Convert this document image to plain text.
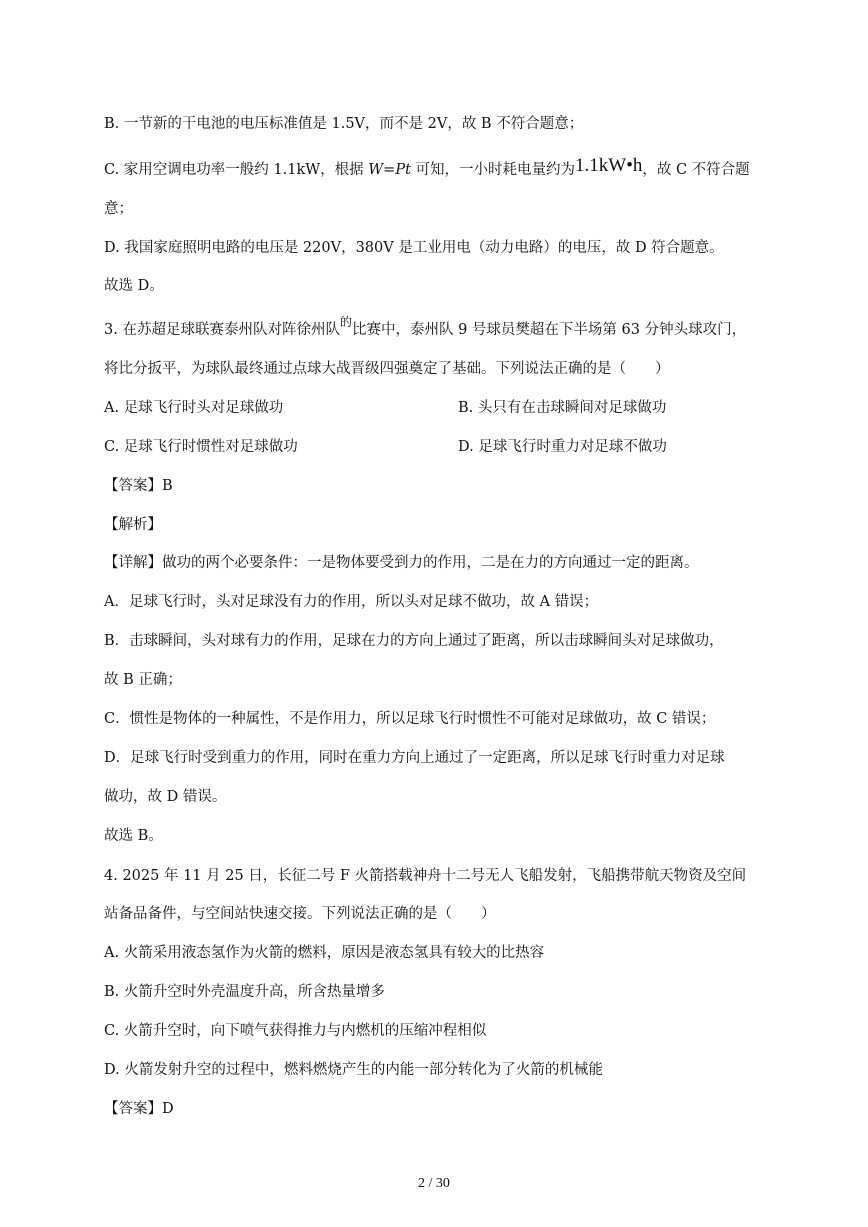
B. 一节新的干电池的电压标准值是 1.5V，而不是 2V，故 B 不符合题意；
C. 家用空调电功率一般约 1.1kW，根据 W=Pt 可知，一小时耗电量约为1.1kW•h，故 C 不符合题
意；
D. 我国家庭照明电路的电压是 220V，380V 是工业用电（动力电路）的电压，故 D 符合题意。
故选 D。
3. 在苏超足球联赛泰州队对阵徐州队$^的$比赛中，泰州队 9 号球员樊超在下半场第 63 分钟头球攻门，
将比分扳平，为球队最终通过点球大战晋级四强奠定了基础。下列说法正确的是（　　）
A. 足球飞行时头对足球做功	B. 头只有在击球瞬间对足球做功
C. 足球飞行时惯性对足球做功	D. 足球飞行时重力对足球不做功
【答案】B
【解析】
【详解】做功的两个必要条件：一是物体要受到力的作用，二是在力的方向通过一定的距离。
A．足球飞行时，头对足球没有力的作用，所以头对足球不做功，故 A 错误；
B．击球瞬间，头对球有力的作用，足球在力的方向上通过了距离，所以击球瞬间头对足球做功，
故 B 正确；
C．惯性是物体的一种属性，不是作用力，所以足球飞行时惯性不可能对足球做功，故 C 错误；
D．足球飞行时受到重力的作用，同时在重力方向上通过了一定距离，所以足球飞行时重力对足球
做功，故 D 错误。
故选 B。
4. 2025 年 11 月 25 日，长征二号 F 火箭搭载神舟十二号无人飞船发射，飞船携带航天物资及空间
站备品备件，与空间站快速交接。下列说法正确的是（　　）
A. 火箭采用液态氢作为火箭的燃料，原因是液态氢具有较大的比热容
B. 火箭升空时外壳温度升高，所含热量增多
C. 火箭升空时，向下喷气获得推力与内燃机的压缩冲程相似
D. 火箭发射升空的过程中，燃料燃烧产生的内能一部分转化为了火箭的机械能
【答案】D
2 / 30
